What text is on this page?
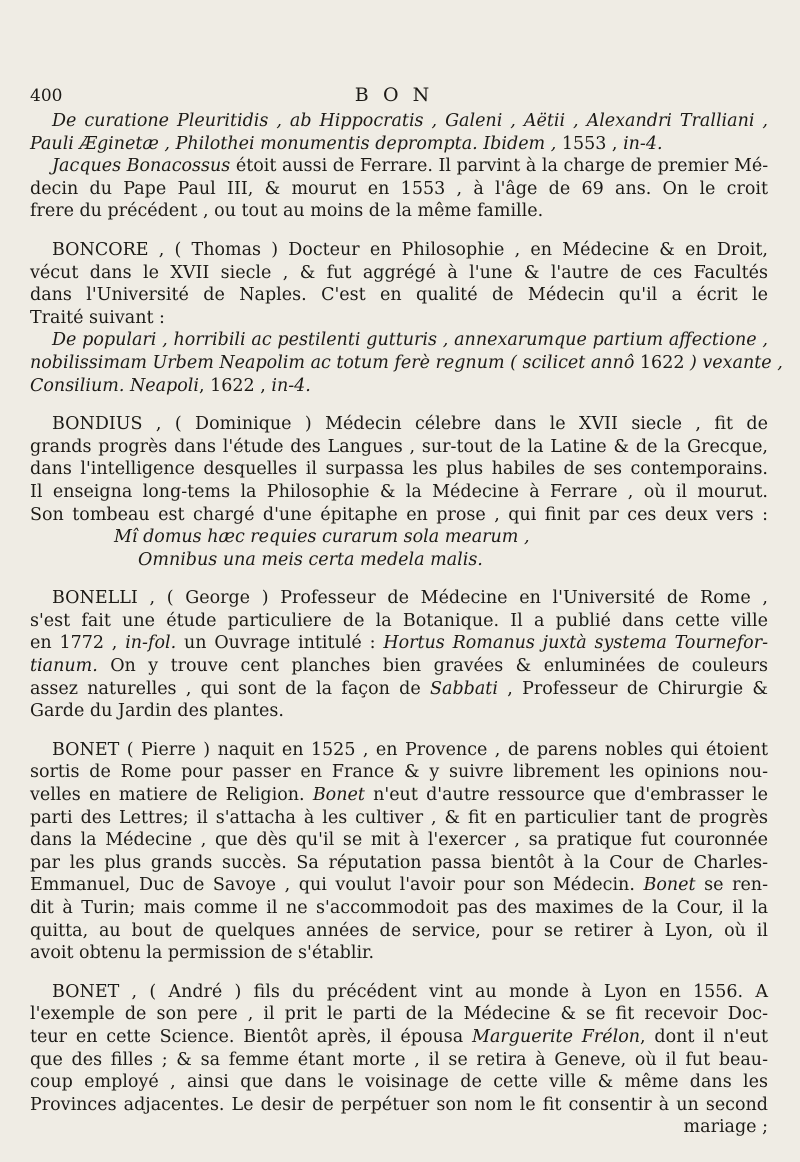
400	BON
De curatione Pleuritidis , ab Hippocratis , Galeni , Aëtii , Alexandri Tralliani ,
Pauli Æginetæ , Philothei monumentis deprompta. Ibidem , 1553 , in-4.
Jacques Bonacossus étoit aussi de Ferrare. Il parvint à la charge de premier Mé-
decin du Pape Paul III, & mourut en 1553 , à l'âge de 69 ans. On le croit
frere du précédent , ou tout au moins de la même famille.
BONCORE , ( Thomas ) Docteur en Philosophie , en Médecine & en Droit,
vécut dans le XVII siecle , & fut aggrégé à l'une & l'autre de ces Facultés
dans l'Université de Naples. C'est en qualité de Médecin qu'il a écrit le
Traité suivant :
De populari , horribili ac pestilenti gutturis , annexarumque partium affectione ,
nobilissimam Urbem Neapolim ac totum ferè regnum ( scilicet annô 1622 ) vexante ,
Consilium. Neapoli, 1622 , in-4.
BONDIUS , ( Dominique ) Médecin célebre dans le XVII siecle , fit de
grands progrès dans l'étude des Langues , sur-tout de la Latine & de la Grecque,
dans l'intelligence desquelles il surpassa les plus habiles de ses contemporains.
Il enseigna long-tems la Philosophie & la Médecine à Ferrare , où il mourut.
Son tombeau est chargé d'une épitaphe en prose , qui finit par ces deux vers :
Mî domus hæc requies curarum sola mearum ,
Omnibus una meis certa medela malis.
BONELLI , ( George ) Professeur de Médecine en l'Université de Rome ,
s'est fait une étude particuliere de la Botanique. Il a publié dans cette ville
en 1772 , in-fol. un Ouvrage intitulé : Hortus Romanus juxtà systema Tournefor-
tianum. On y trouve cent planches bien gravées & enluminées de couleurs
assez naturelles , qui sont de la façon de Sabbati , Professeur de Chirurgie &
Garde du Jardin des plantes.
BONET ( Pierre ) naquit en 1525 , en Provence , de parens nobles qui étoient
sortis de Rome pour passer en France & y suivre librement les opinions nou-
velles en matiere de Religion. Bonet n'eut d'autre ressource que d'embrasser le
parti des Lettres; il s'attacha à les cultiver , & fit en particulier tant de progrès
dans la Médecine , que dès qu'il se mit à l'exercer , sa pratique fut couronnée
par les plus grands succès. Sa réputation passa bientôt à la Cour de Charles-
Emmanuel, Duc de Savoye , qui voulut l'avoir pour son Médecin. Bonet se ren-
dit à Turin; mais comme il ne s'accommodoit pas des maximes de la Cour, il la
quitta, au bout de quelques années de service, pour se retirer à Lyon, où il
avoit obtenu la permission de s'établir.
BONET , ( André ) fils du précédent vint au monde à Lyon en 1556. A
l'exemple de son pere , il prit le parti de la Médecine & se fit recevoir Doc-
teur en cette Science. Bientôt après, il épousa Marguerite Frélon, dont il n'eut
que des filles ; & sa femme étant morte , il se retira à Geneve, où il fut beau-
coup employé , ainsi que dans le voisinage de cette ville & même dans les
Provinces adjacentes. Le desir de perpétuer son nom le fit consentir à un second
mariage ;
